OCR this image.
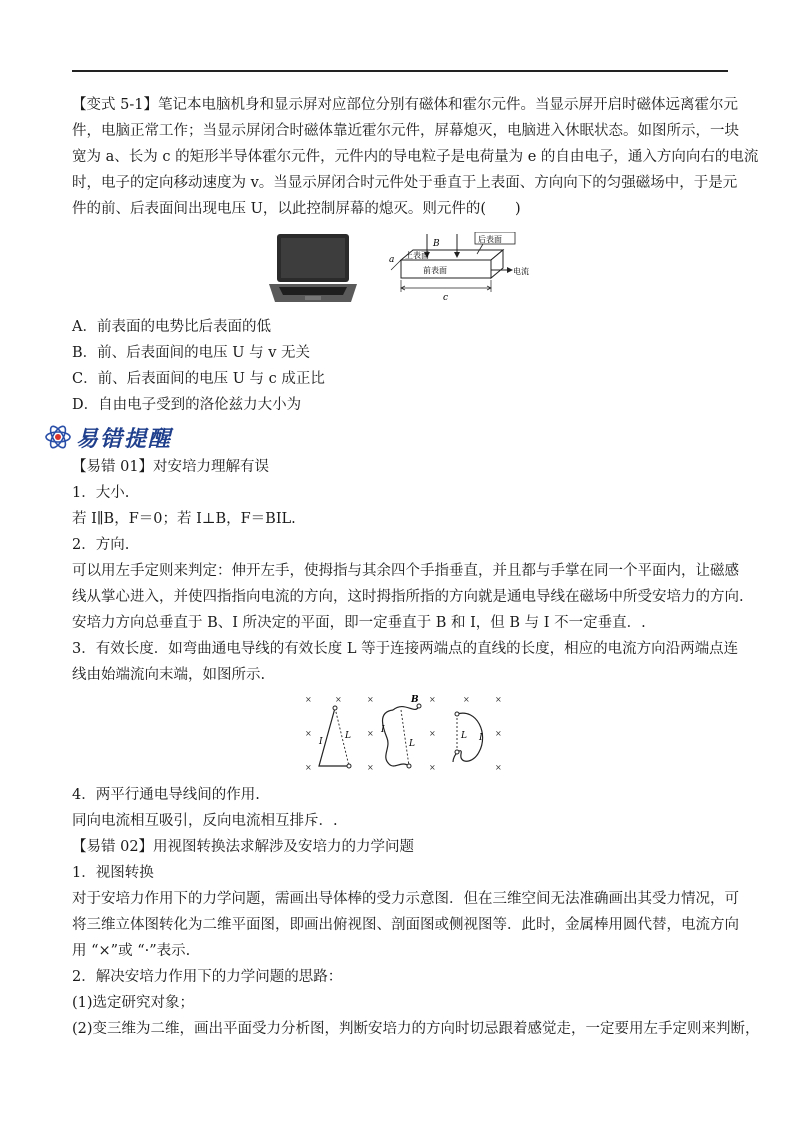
【变式 5-1】笔记本电脑机身和显示屏对应部位分别有磁体和霍尔元件。当显示屏开启时磁体远离霍尔元
件，电脑正常工作；当显示屏闭合时磁体靠近霍尔元件，屏幕熄灭，电脑进入休眠状态。如图所示，一块
宽为 a、长为 c 的矩形半导体霍尔元件，元件内的导电粒子是电荷量为 e 的自由电子，通入方向向右的电流
时，电子的定向移动速度为 v。当显示屏闭合时元件处于垂直于上表面、方向向下的匀强磁场中，于是元
件的前、后表面间出现电压 U，以此控制屏幕的熄灭。则元件的(　　)

B	后表面
上表面
前表面	电流
a
c

A．前表面的电势比后表面的低
B．前、后表面间的电压 U 与 v 无关
C．前、后表面间的电压 U 与 c 成正比
D．自由电子受到的洛伦兹力大小为

易错提醒

【易错 01】对安培力理解有误
1．大小.
若 I∥B，F＝0；若 I⊥B，F＝BIL.
2．方向.
可以用左手定则来判定：伸开左手，使拇指与其余四个手指垂直，并且都与手掌在同一个平面内，让磁感
线从掌心进入，并使四指指向电流的方向，这时拇指所指的方向就是通电导线在磁场中所受安培力的方向.
安培力方向总垂直于 B、I 所决定的平面，即一定垂直于 B 和 I，但 B 与 I 不一定垂直．.
3．有效长度．如弯曲通电导线的有效长度 L 等于连接两端点的直线的长度，相应的电流方向沿两端点连
线由始端流向末端，如图所示.

×	×	×	×	×	×
×	×	×	×
×	×	×	×
I
L
I
L
B
I
L

4．两平行通电导线间的作用.
同向电流相互吸引，反向电流相互排斥．.

【易错 02】用视图转换法求解涉及安培力的力学问题
1．视图转换
对于安培力作用下的力学问题，需画出导体棒的受力示意图．但在三维空间无法准确画出其受力情况，可
将三维立体图转化为二维平面图，即画出俯视图、剖面图或侧视图等．此时，金属棒用圆代替，电流方向
用 “×”或 “·”表示.
2．解决安培力作用下的力学问题的思路：
(1)选定研究对象；
(2)变三维为二维，画出平面受力分析图，判断安培力的方向时切忌跟着感觉走，一定要用左手定则来判断，
